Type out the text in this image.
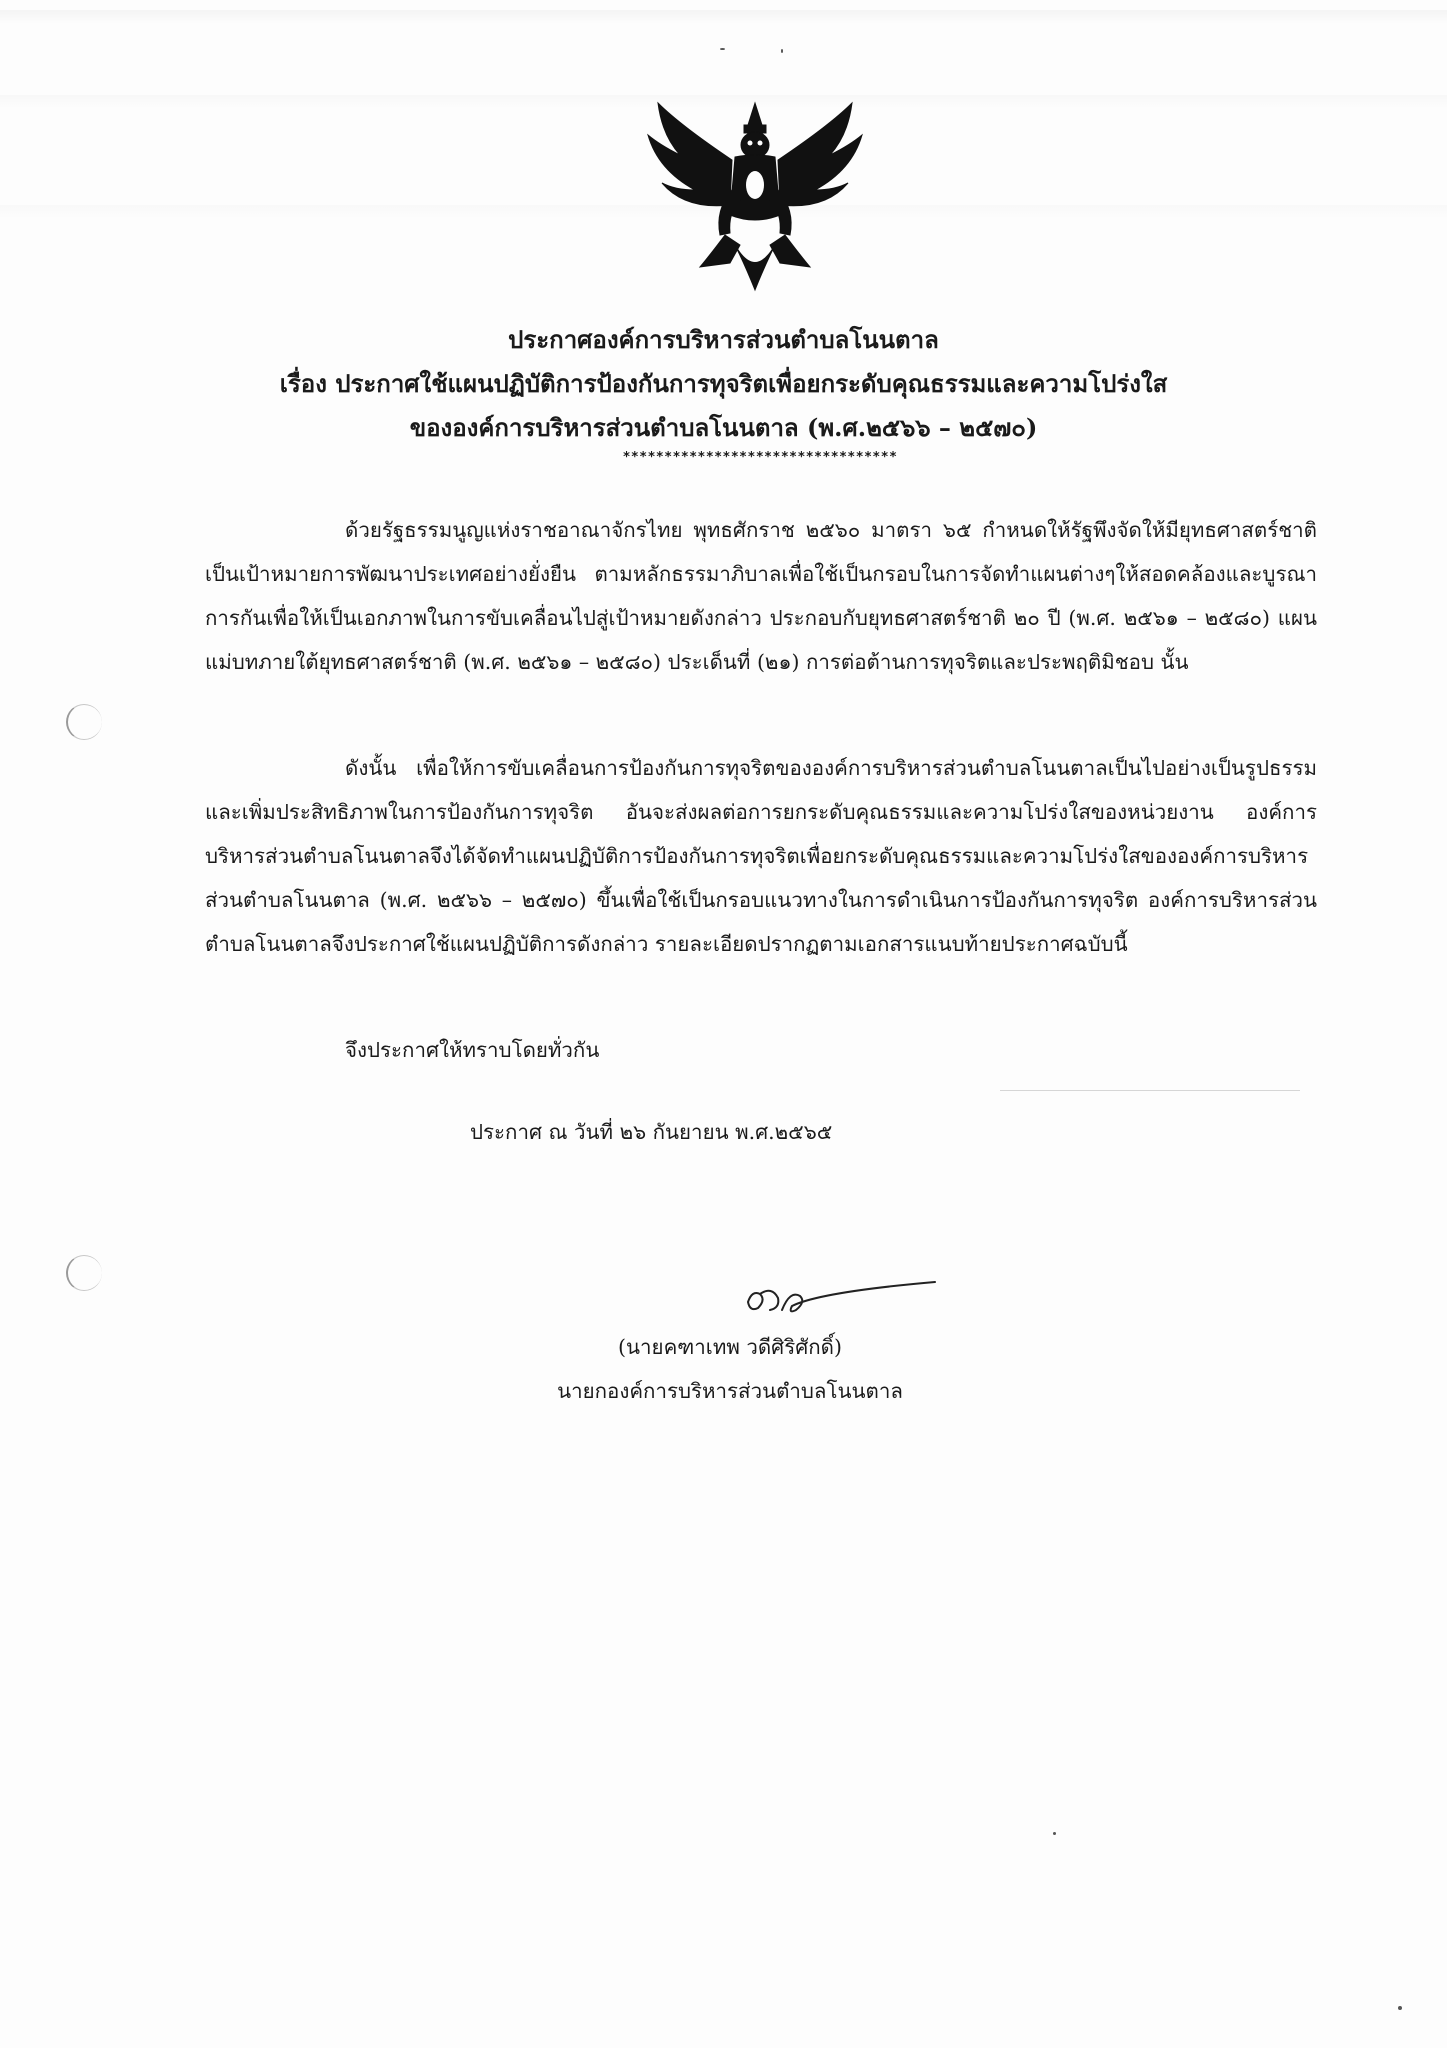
ประกาศองค์การบริหารส่วนตำบลโนนตาล
เรื่อง ประกาศใช้แผนปฏิบัติการป้องกันการทุจริตเพื่อยกระดับคุณธรรมและความโปร่งใส
ขององค์การบริหารส่วนตำบลโนนตาล (พ.ศ.๒๕๖๖ – ๒๕๗๐)
*********************************
ด้วยรัฐธรรมนูญแห่งราชอาณาจักรไทย พุทธศักราช ๒๕๖๐ มาตรา ๖๕ กำหนดให้รัฐพึงจัดให้มียุทธศาสตร์ชาติเป็นเป้าหมายการพัฒนาประเทศอย่างยั่งยืน ตามหลักธรรมาภิบาลเพื่อใช้เป็นกรอบในการจัดทำแผนต่างๆให้สอดคล้องและบูรณาการกันเพื่อให้เป็นเอกภาพในการขับเคลื่อนไปสู่เป้าหมายดังกล่าว ประกอบกับยุทธศาสตร์ชาติ ๒๐ ปี (พ.ศ. ๒๕๖๑ – ๒๕๘๐) แผนแม่บทภายใต้ยุทธศาสตร์ชาติ (พ.ศ. ๒๕๖๑ – ๒๕๘๐) ประเด็นที่ (๒๑) การต่อต้านการทุจริตและประพฤติมิชอบ นั้น
ดังนั้น เพื่อให้การขับเคลื่อนการป้องกันการทุจริตขององค์การบริหารส่วนตำบลโนนตาลเป็นไปอย่างเป็นรูปธรรมและเพิ่มประสิทธิภาพในการป้องกันการทุจริต อันจะส่งผลต่อการยกระดับคุณธรรมและความโปร่งใสของหน่วยงาน องค์การบริหารส่วนตำบลโนนตาลจึงได้จัดทำแผนปฏิบัติการป้องกันการทุจริตเพื่อยกระดับคุณธรรมและความโปร่งใสขององค์การบริหารส่วนตำบลโนนตาล (พ.ศ. ๒๕๖๖ – ๒๕๗๐) ขึ้นเพื่อใช้เป็นกรอบแนวทางในการดำเนินการป้องกันการทุจริต องค์การบริหารส่วนตำบลโนนตาลจึงประกาศใช้แผนปฏิบัติการดังกล่าว รายละเอียดปรากฏตามเอกสารแนบท้ายประกาศฉบับนี้
จึงประกาศให้ทราบโดยทั่วกัน
ประกาศ ณ วันที่ ๒๖ กันยายน พ.ศ.๒๕๖๕
(นายคฑาเทพ วดีศิริศักดิ์)
นายกองค์การบริหารส่วนตำบลโนนตาล
